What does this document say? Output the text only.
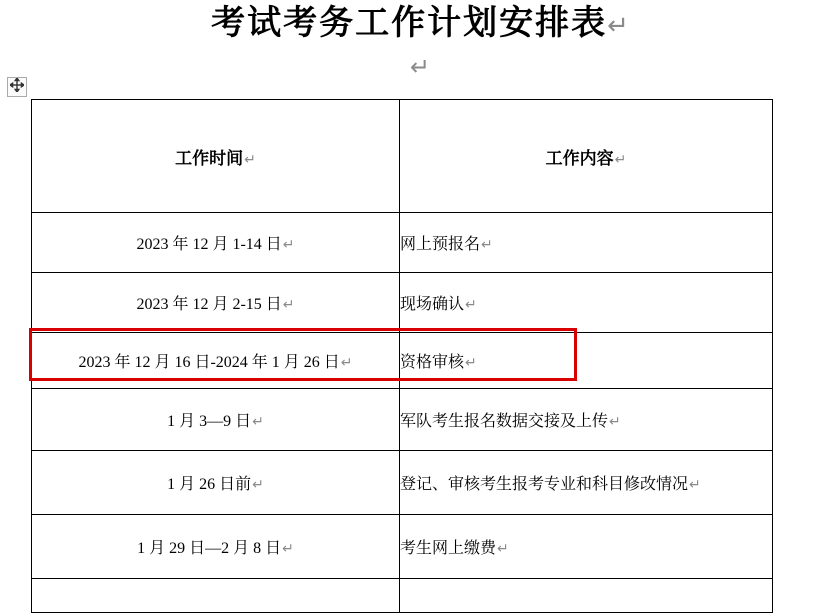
考试考务工作计划安排表↵
↵
工作时间↵	工作内容↵
2023 年 12 月 1-14 日↵	网上预报名↵
2023 年 12 月 2-15 日↵	现场确认↵
2023 年 12 月 16 日-2024 年 1 月 26 日↵	资格审核↵
1 月 3—9 日↵	军队考生报名数据交接及上传↵
1 月 26 日前↵	登记、审核考生报考专业和科目修改情况↵
1 月 29 日—2 月 8 日↵	考生网上缴费↵
